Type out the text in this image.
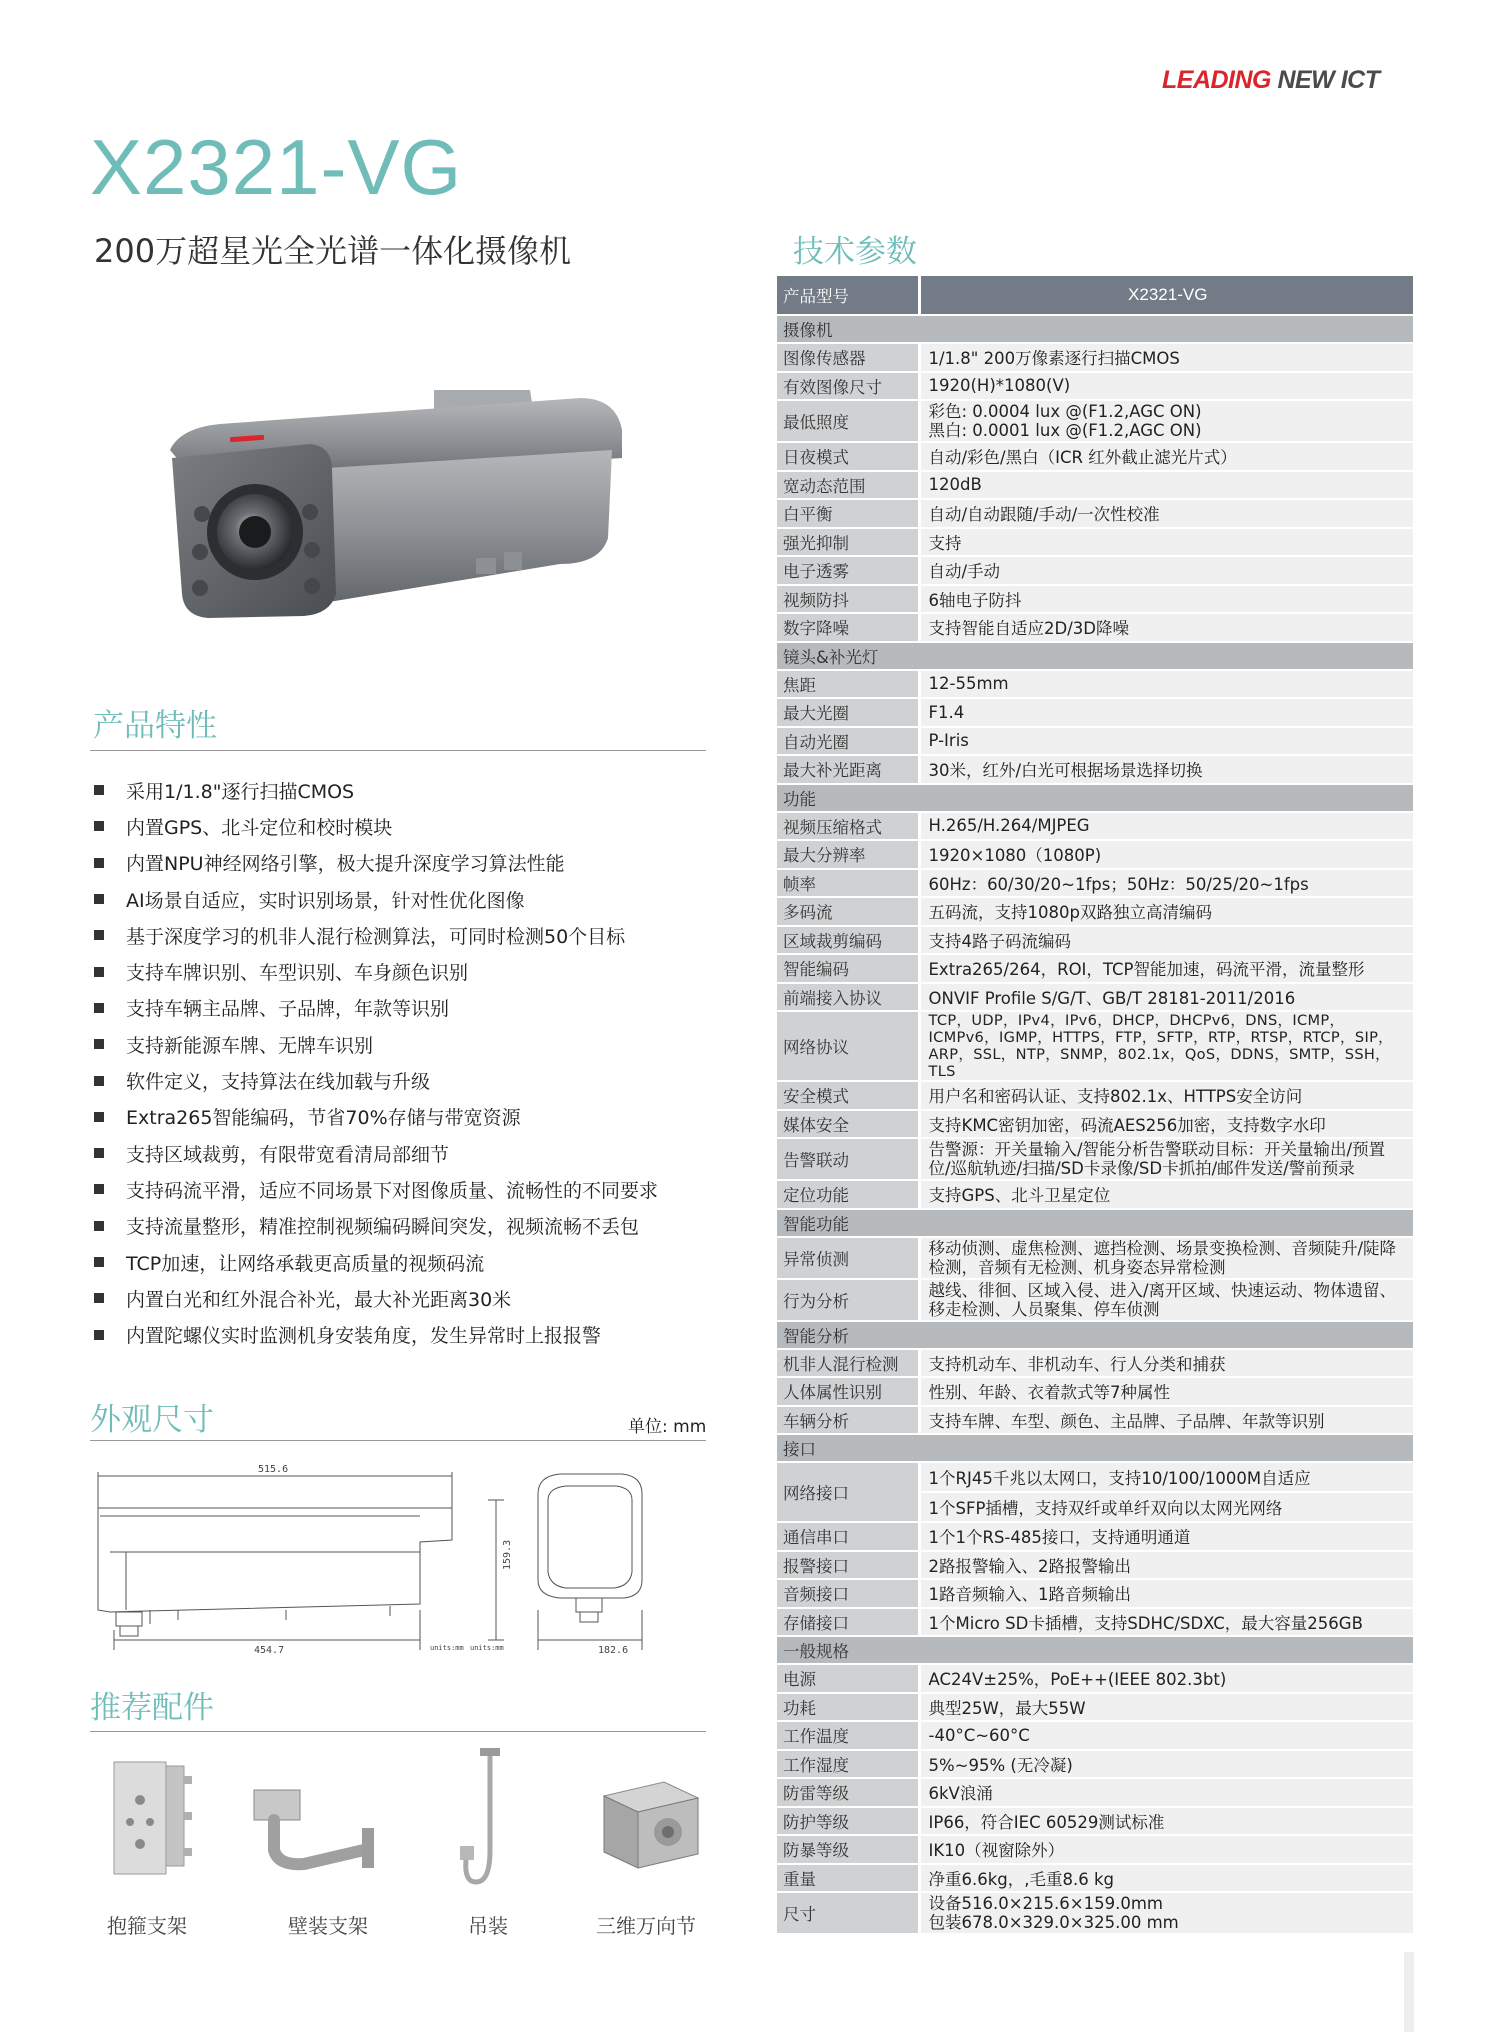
LEADING NEW ICT
X2321-VG
200万超星光全光谱一体化摄像机
产品特性
采用1/1.8"逐行扫描CMOS
内置GPS、北斗定位和校时模块
内置NPU神经网络引擎，极大提升深度学习算法性能
AI场景自适应，实时识别场景，针对性优化图像
基于深度学习的机非人混行检测算法，可同时检测50个目标
支持车牌识别、车型识别、车身颜色识别
支持车辆主品牌、子品牌，年款等识别
支持新能源车牌、无牌车识别
软件定义，支持算法在线加载与升级
Extra265智能编码，节省70%存储与带宽资源
支持区域裁剪，有限带宽看清局部细节
支持码流平滑，适应不同场景下对图像质量、流畅性的不同要求
支持流量整形，精准控制视频编码瞬间突发，视频流畅不丢包
TCP加速，让网络承载更高质量的视频码流
内置白光和红外混合补光，最大补光距离30米
内置陀螺仪实时监测机身安装角度，发生异常时上报报警
外观尺寸	单位: mm
515.6
454.7
159.3
units:mm units:mm	182.6
推荐配件
抱箍支架	壁装支架	吊装	三维万向节
技术参数
产品型号	X2321-VG
摄像机	
图像传感器	1/1.8" 200万像素逐行扫描CMOS
有效图像尺寸	1920(H)*1080(V)
最低照度	彩色: 0.0004 lux @(F1.2,AGC ON)
黑白: 0.0001 lux @(F1.2,AGC ON)

日夜模式	自动/彩色/黑白（ICR 红外截止滤光片式）
宽动态范围	120dB
白平衡	自动/自动跟随/手动/一次性校准
强光抑制	支持
电子透雾	自动/手动
视频防抖	6轴电子防抖
数字降噪	支持智能自适应2D/3D降噪
镜头&补光灯	
焦距	12-55mm
最大光圈	F1.4
自动光圈	P-Iris
最大补光距离	30米，红外/白光可根据场景选择切换
功能	
视频压缩格式	H.265/H.264/MJPEG
最大分辨率	1920×1080（1080P)
帧率	60Hz：60/30/20~1fps；50Hz：50/25/20~1fps
多码流	五码流，支持1080p双路独立高清编码
区域裁剪编码	支持4路子码流编码
智能编码	Extra265/264，ROI，TCP智能加速，码流平滑，流量整形
前端接入协议	ONVIF Profile S/G/T、GB/T 28181-2011/2016
网络协议	TCP，UDP，IPv4，IPv6，DHCP，DHCPv6，DNS，ICMP，ICMPv6，IGMP，HTTPS，FTP，SFTP，RTP，RTSP，RTCP，SIP，ARP，SSL，NTP，SNMP，802.1x，QoS，DDNS，SMTP，SSH，TLS
安全模式	用户名和密码认证、支持802.1x、HTTPS安全访问
媒体安全	支持KMC密钥加密，码流AES256加密，支持数字水印
告警联动	告警源：开关量输入/智能分析告警联动目标：开关量输出/预置位/巡航轨迹/扫描/SD卡录像/SD卡抓拍/邮件发送/警前预录
定位功能	支持GPS、北斗卫星定位
智能功能	
异常侦测	移动侦测、虚焦检测、遮挡检测、场景变换检测、音频陡升/陡降检测，音频有无检测、机身姿态异常检测
行为分析	越线、徘徊、区域入侵、进入/离开区域、快速运动、物体遗留、移走检测、人员聚集、停车侦测
智能分析	
机非人混行检测	支持机动车、非机动车、行人分类和捕获
人体属性识别	性别、年龄、衣着款式等7种属性
车辆分析	支持车牌、车型、颜色、主品牌、子品牌、年款等识别
接口	
网络接口	1个RJ45千兆以太网口，支持10/100/1000M自适应
1个SFP插槽，支持双纤或单纤双向以太网光网络

通信串口	1个1个RS-485接口，支持通明通道
报警接口	2路报警输入、2路报警输出
音频接口	1路音频输入、1路音频输出
存储接口	1个Micro SD卡插槽，支持SDHC/SDXC，最大容量256GB
一般规格	
电源	AC24V±25%，PoE++(IEEE 802.3bt)
功耗	典型25W，最大55W
工作温度	-40°C~60°C
工作湿度	5%~95% (无冷凝)
防雷等级	6kV浪涌
防护等级	IP66，符合IEC 60529测试标准
防暴等级	IK10（视窗除外）
重量	净重6.6kg，,毛重8.6 kg
尺寸	设备516.0×215.6×159.0mm
包装678.0×329.0×325.00 mm
